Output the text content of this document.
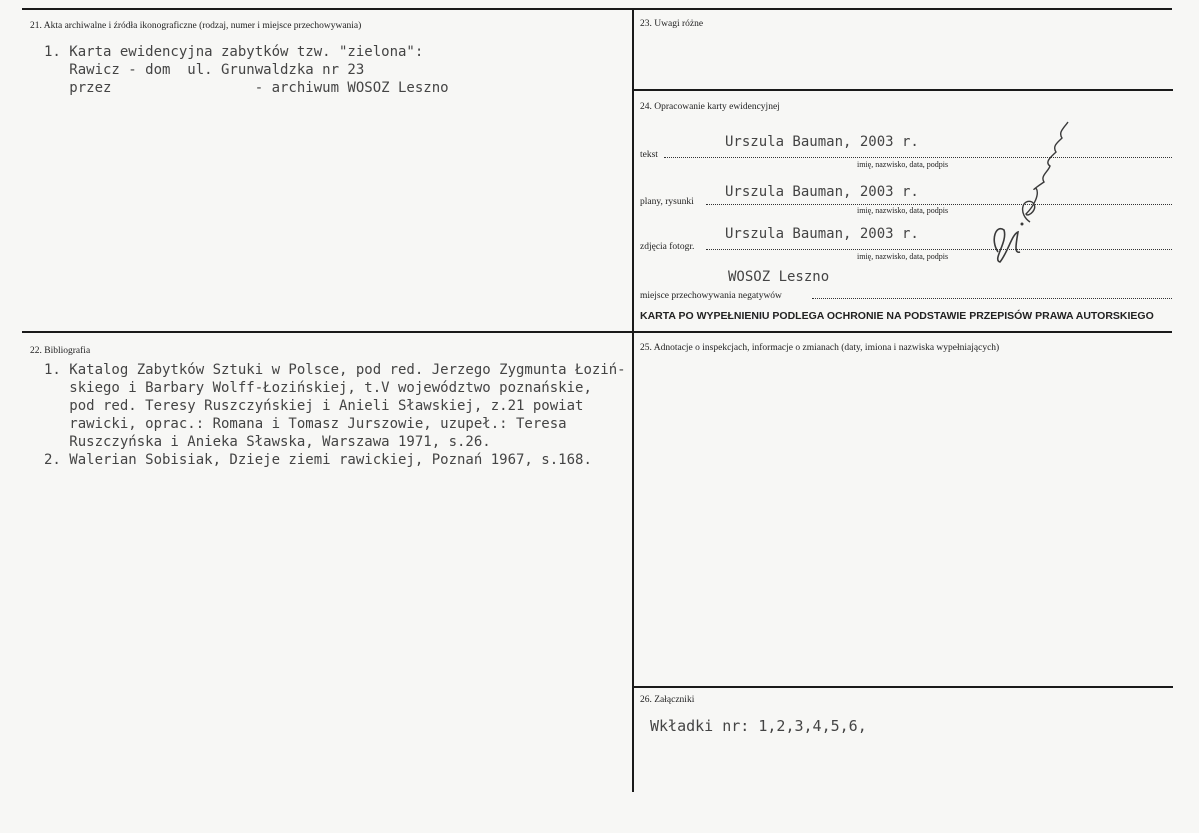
21. Akta archiwalne i źródła ikonograficzne (rodzaj, numer i miejsce przechowywania)
1. Karta ewidencyjna zabytków tzw. "zielona":
Rawicz - dom  ul. Grunwaldzka nr 23
przez                 - archiwum WOSOZ Leszno
23. Uwagi różne
24. Opracowanie karty ewidencyjnej
Urszula Bauman, 2003 r.
tekst
imię, nazwisko, data, podpis
Urszula Bauman, 2003 r.
plany, rysunki
imię, nazwisko, data, podpis
Urszula Bauman, 2003 r.
zdjęcia fotogr.
imię, nazwisko, data, podpis
WOSOZ Leszno
miejsce przechowywania negatywów
KARTA PO WYPEŁNIENIU PODLEGA OCHRONIE NA PODSTAWIE PRZEPISÓW PRAWA AUTORSKIEGO
22. Bibliografia
1. Katalog Zabytków Sztuki w Polsce, pod red. Jerzego Zygmunta Łoziń-
skiego i Barbary Wolff-Łozińskiej, t.V województwo poznańskie,
pod red. Teresy Ruszczyńskiej i Anieli Sławskiej, z.21 powiat
rawicki, oprac.: Romana i Tomasz Jurszowie, uzupeł.: Teresa
Ruszczyńska i Anieka Sławska, Warszawa 1971, s.26.
2. Walerian Sobisiak, Dzieje ziemi rawickiej, Poznań 1967, s.168.
25. Adnotacje o inspekcjach, informacje o zmianach (daty, imiona i nazwiska wypełniających)
26. Załączniki
Wkładki nr: 1,2,3,4,5,6,
